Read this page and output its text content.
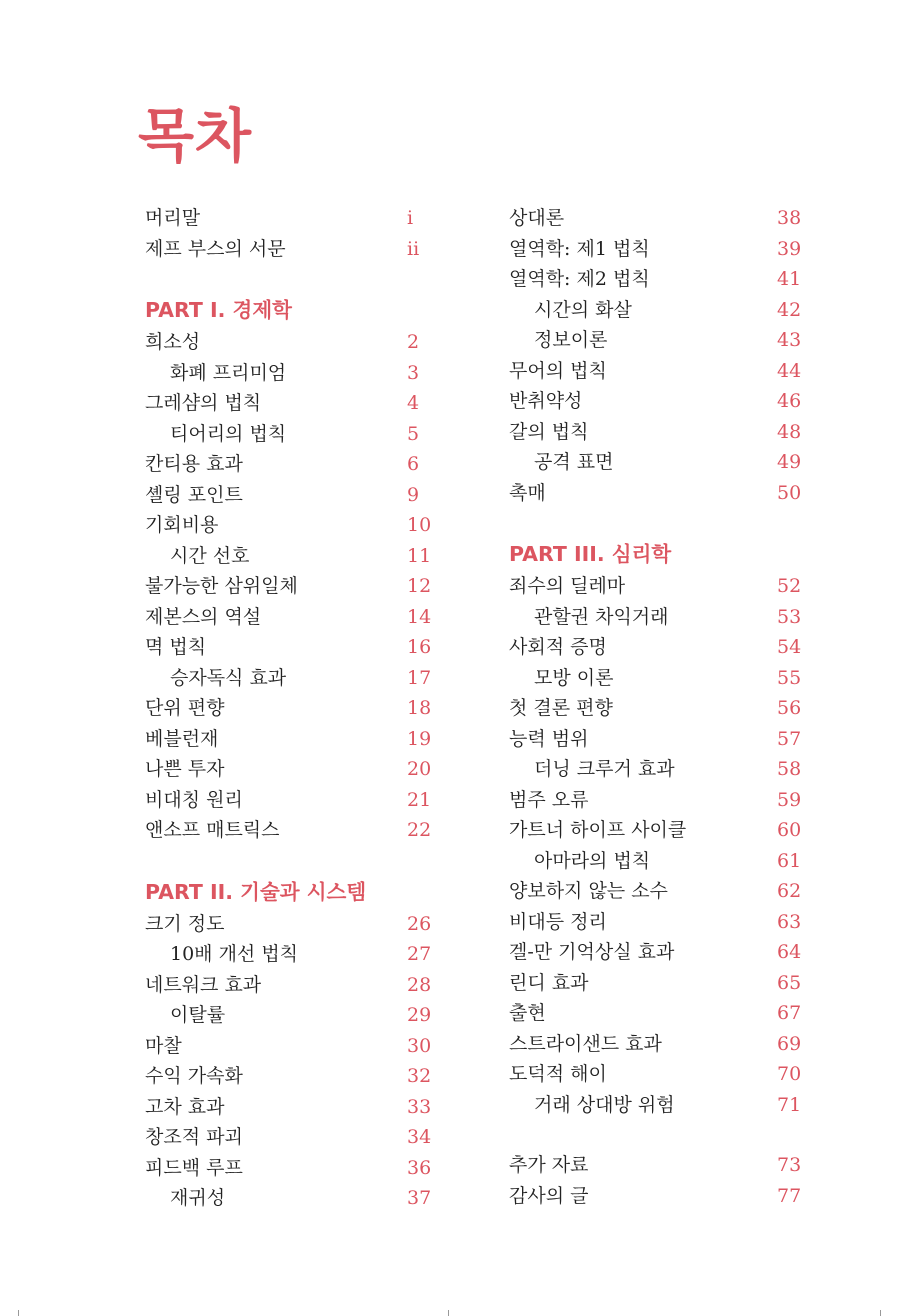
목차
머리말	i
제프 부스의 서문	ii
PART I. 경제학
희소성	2
화폐 프리미엄	3
그레샴의 법칙	4
티어리의 법칙	5
칸티용 효과	6
셸링 포인트	9
기회비용	10
시간 선호	11
불가능한 삼위일체	12
제본스의 역설	14
멱 법칙	16
승자독식 효과	17
단위 편향	18
베블런재	19
나쁜 투자	20
비대칭 원리	21
앤소프 매트릭스	22
PART II. 기술과 시스템
크기 정도	26
10배 개선 법칙	27
네트워크 효과	28
이탈률	29
마찰	30
수익 가속화	32
고차 효과	33
창조적 파괴	34
피드백 루프	36
재귀성	37
상대론	38
열역학: 제1 법칙	39
열역학: 제2 법칙	41
시간의 화살	42
정보이론	43
무어의 법칙	44
반취약성	46
갈의 법칙	48
공격 표면	49
촉매	50
PART III. 심리학
죄수의 딜레마	52
관할권 차익거래	53
사회적 증명	54
모방 이론	55
첫 결론 편향	56
능력 범위	57
더닝 크루거 효과	58
범주 오류	59
가트너 하이프 사이클	60
아마라의 법칙	61
양보하지 않는 소수	62
비대등 정리	63
겔-만 기억상실 효과	64
린디 효과	65
출현	67
스트라이샌드 효과	69
도덕적 해이	70
거래 상대방 위험	71
추가 자료	73
감사의 글	77
